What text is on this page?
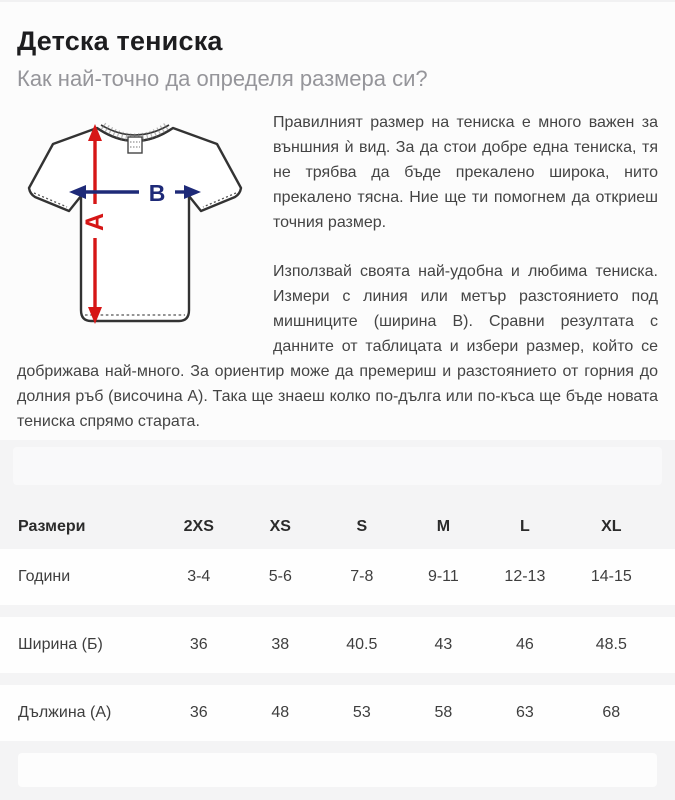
Детска тениска
Как най-точно да определя размера си?
A
B

Правилният размер на тениска е много важен за външния ѝ вид. За да стои добре една тениска, тя не трябва да бъде прекалено широка, нито прекалено тясна. Ние ще ти помогнем да откриеш точния размер.

Използвай своята най-удобна и любима тениска. Измери с линия или метър разстоянието под мишниците (ширина B). Сравни резултата с данните от таблицата и избери размер, който се добрижава най-много. За ориентир може да премериш и разстоянието от горния до долния ръб (височина А). Така ще знаеш колко по-дълга или по-къса ще бъде новата тениска спрямо старата.

Размери	2XS	XS	S	M	L	XL
Години	3-4	5-6	7-8	9-11	12-13	14-15
Ширина (Б)	36	38	40.5	43	46	48.5
Дължина (А)	36	48	53	58	63	68
